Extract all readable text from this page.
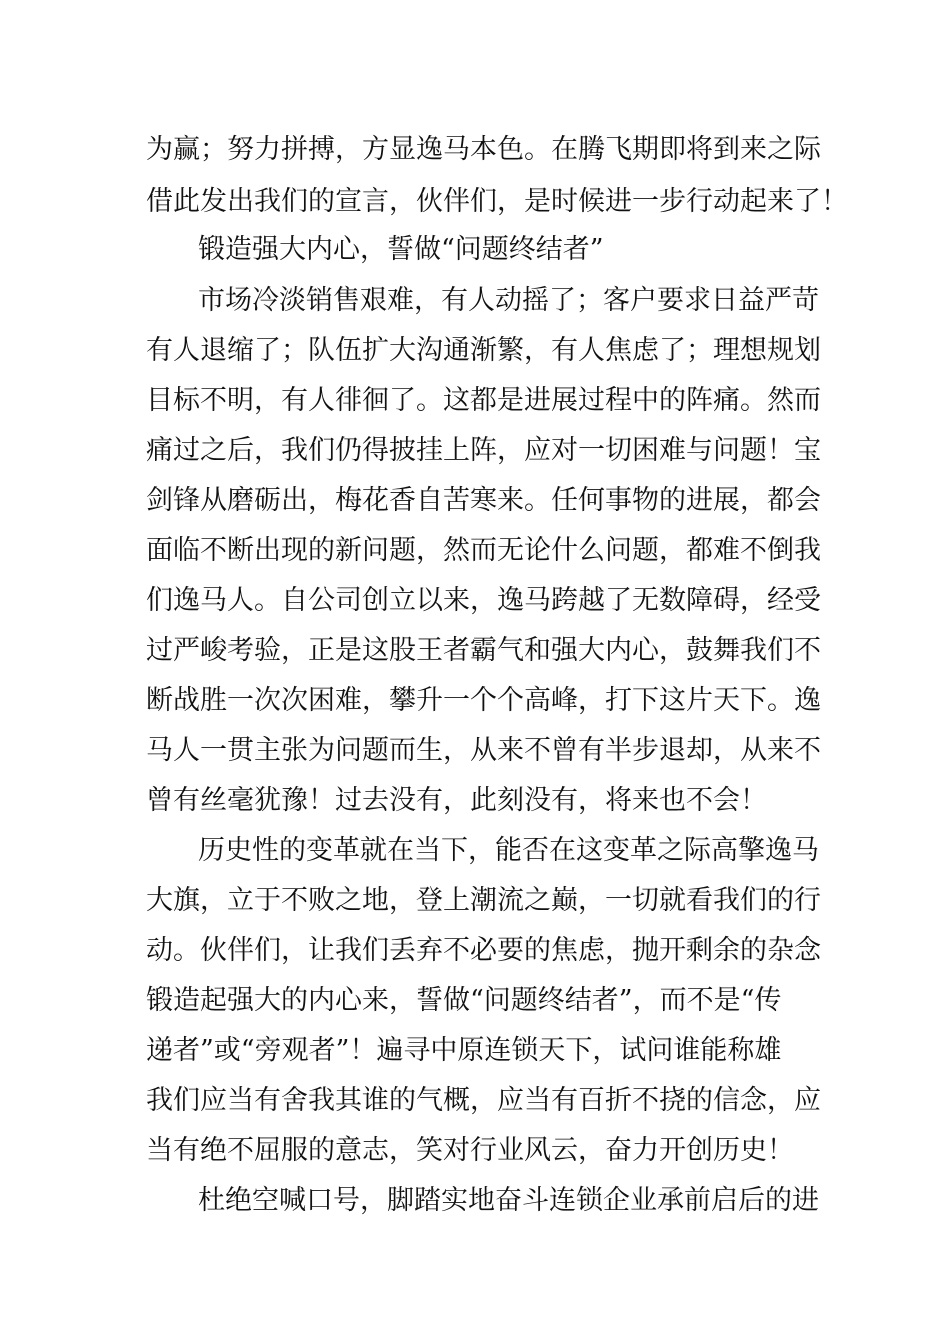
为赢；努力拼搏，方显逸马本色。在腾飞期即将到来之际
借此发出我们的宣言，伙伴们，是时候进一步行动起来了！
锻造强大内心，誓做“问题终结者”
市场冷淡销售艰难，有人动摇了；客户要求日益严苛
有人退缩了；队伍扩大沟通渐繁，有人焦虑了；理想规划
目标不明，有人徘徊了。这都是进展过程中的阵痛。然而
痛过之后，我们仍得披挂上阵，应对一切困难与问题！宝
剑锋从磨砺出，梅花香自苦寒来。任何事物的进展，都会
面临不断出现的新问题，然而无论什么问题，都难不倒我
们逸马人。自公司创立以来，逸马跨越了无数障碍，经受
过严峻考验，正是这股王者霸气和强大内心，鼓舞我们不
断战胜一次次困难，攀升一个个高峰，打下这片天下。逸
马人一贯主张为问题而生，从来不曾有半步退却，从来不
曾有丝毫犹豫！过去没有，此刻没有，将来也不会！
历史性的变革就在当下，能否在这变革之际高擎逸马
大旗，立于不败之地，登上潮流之巅，一切就看我们的行
动。伙伴们，让我们丢弃不必要的焦虑，抛开剩余的杂念
锻造起强大的内心来，誓做“问题终结者”，而不是“传
递者”或“旁观者”！遍寻中原连锁天下，试问谁能称雄
我们应当有舍我其谁的气概，应当有百折不挠的信念，应
当有绝不屈服的意志，笑对行业风云，奋力开创历史！
杜绝空喊口号，脚踏实地奋斗连锁企业承前启后的进
